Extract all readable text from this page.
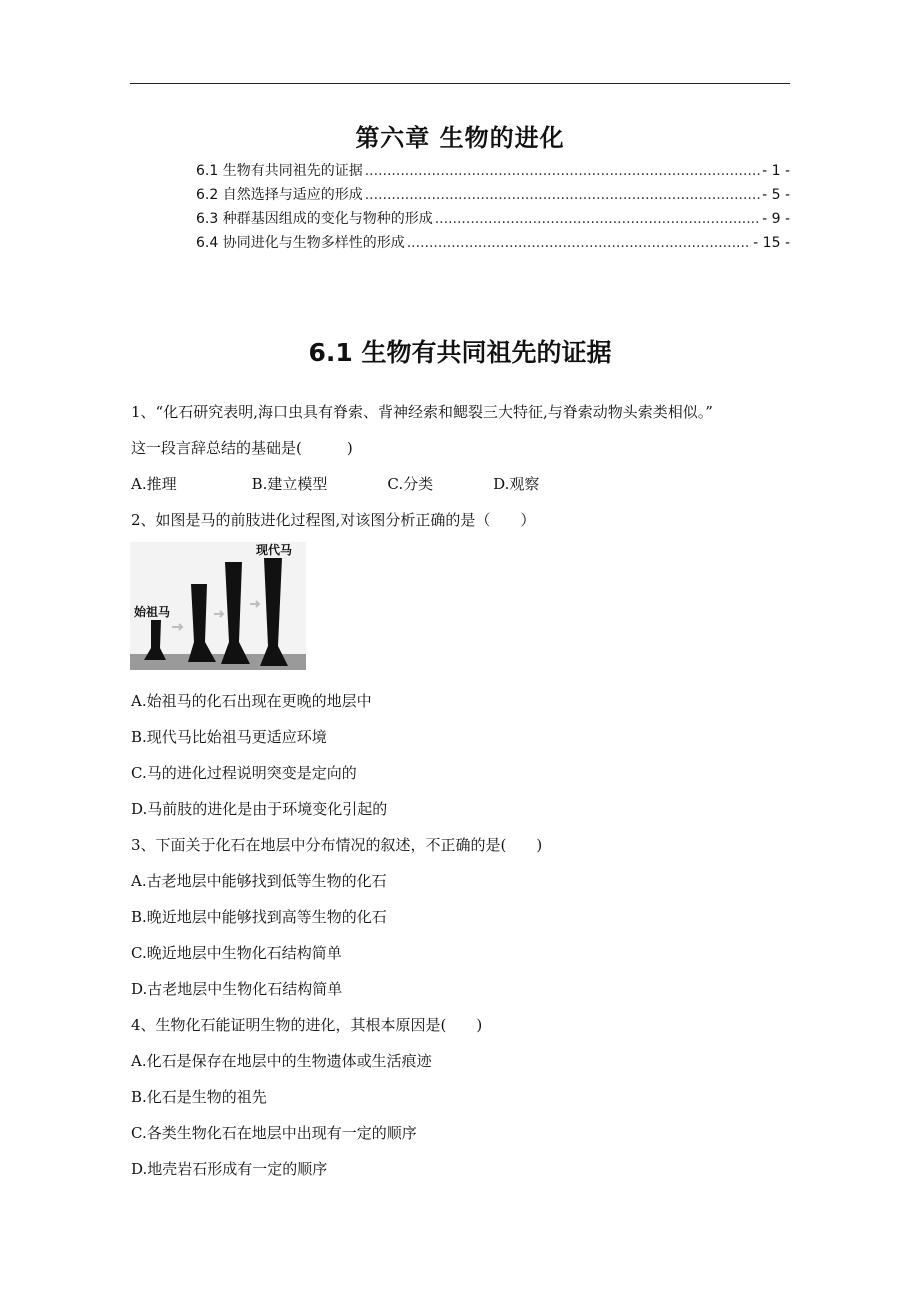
第六章 生物的进化
6.1 生物有共同祖先的证据 .....	- 1 -
6.2 自然选择与适应的形成 .....	- 5 -
6.3 种群基因组成的变化与物种的形成 .....	- 9 -
6.4 协同进化与生物多样性的形成 .....	- 15 -
6.1 生物有共同祖先的证据
1、“化石研究表明,海口虫具有脊索、背神经索和鳃裂三大特征,与脊索动物头索类相似。”
这一段言辞总结的基础是(　　　)
A.推理　　　　　B.建立模型　　　　C.分类　　　　D.观察
2、如图是马的前肢进化过程图,对该图分析正确的是（　　）
始祖马
现代马
A.始祖马的化石出现在更晚的地层中
B.现代马比始祖马更适应环境
C.马的进化过程说明突变是定向的
D.马前肢的进化是由于环境变化引起的
3、下面关于化石在地层中分布情况的叙述，不正确的是(　　)
A.古老地层中能够找到低等生物的化石
B.晚近地层中能够找到高等生物的化石
C.晚近地层中生物化石结构简单
D.古老地层中生物化石结构简单
4、生物化石能证明生物的进化，其根本原因是(　　)
A.化石是保存在地层中的生物遗体或生活痕迹
B.化石是生物的祖先
C.各类生物化石在地层中出现有一定的顺序
D.地壳岩石形成有一定的顺序
